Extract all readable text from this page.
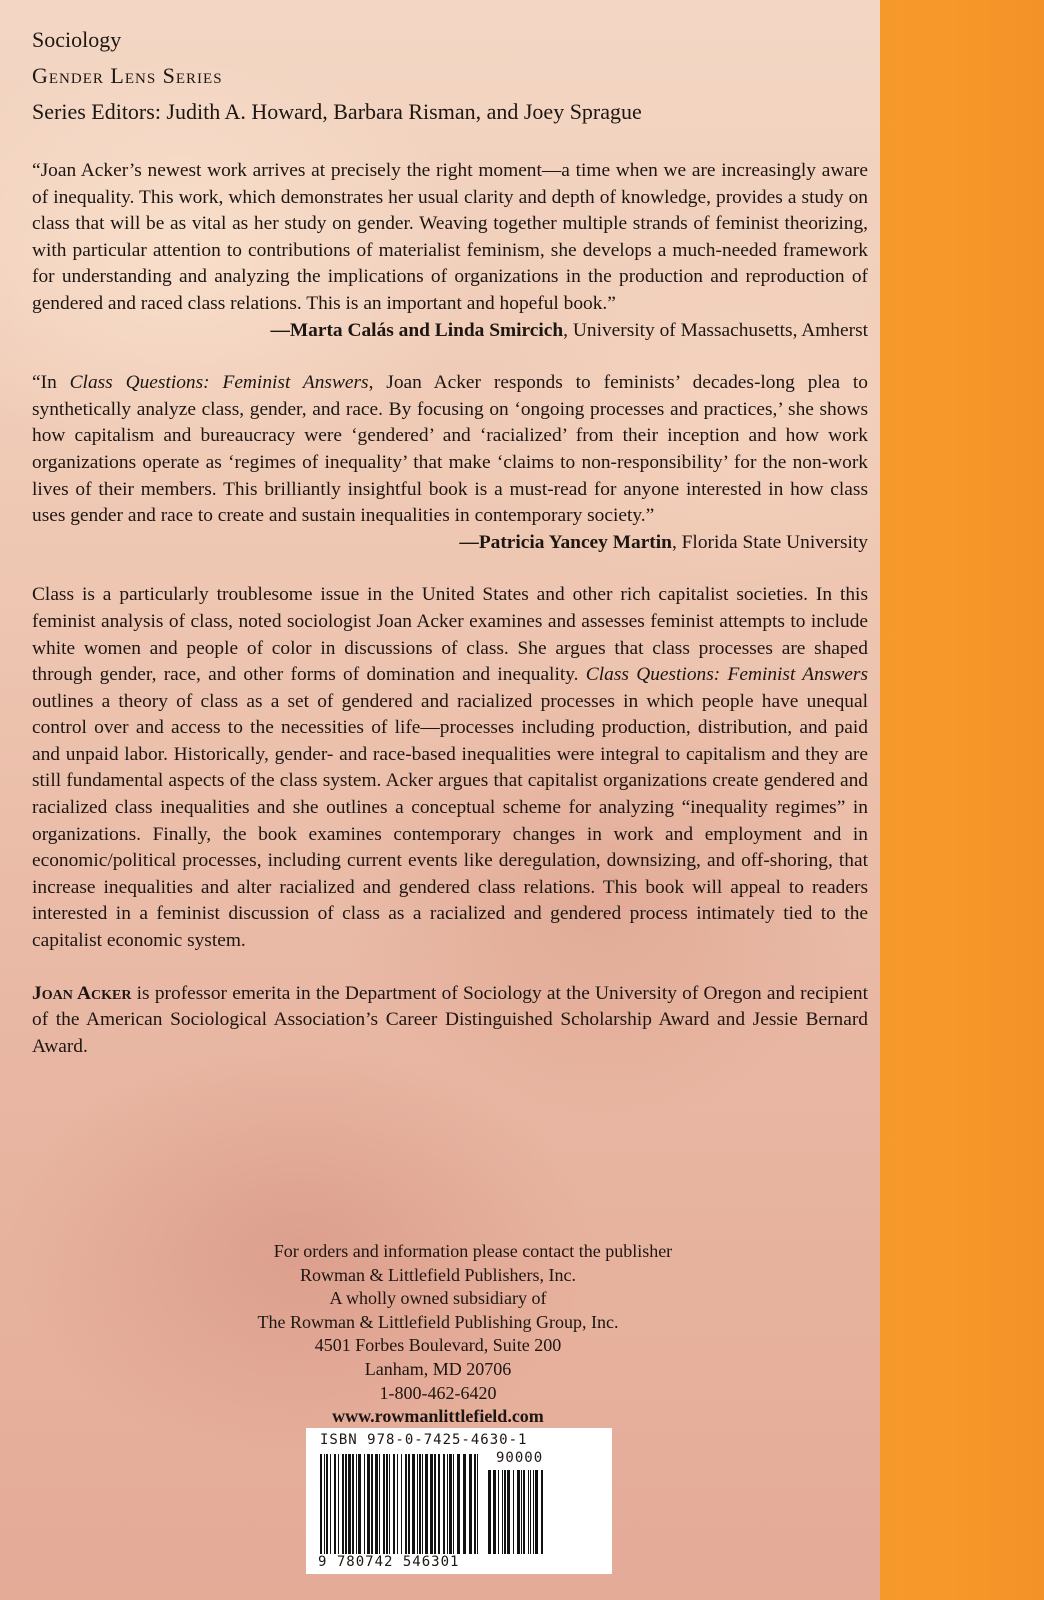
Sociology
Gender Lens Series
Series Editors: Judith A. Howard, Barbara Risman, and Joey Sprague

“Joan Acker’s newest work arrives at precisely the right moment—a time when we are increasingly aware of inequality. This work, which demonstrates her usual clarity and depth of knowledge, provides a study on class that will be as vital as her study on gender. Weaving together multiple strands of feminist theorizing, with particular attention to contributions of materialist feminism, she develops a much-needed framework for understanding and analyzing the implications of organizations in the production and reproduction of gendered and raced class relations. This is an important and hopeful book.”

—Marta Calás and Linda Smircich, University of Massachusetts, Amherst

“In Class Questions: Feminist Answers, Joan Acker responds to feminists’ decades-long plea to synthetically analyze class, gender, and race. By focusing on ‘ongoing processes and practices,’ she shows how capitalism and bureaucracy were ‘gendered’ and ‘racialized’ from their inception and how work organizations operate as ‘regimes of inequality’ that make ‘claims to non-responsibility’ for the non-work lives of their members. This brilliantly insightful book is a must-read for anyone interested in how class uses gender and race to create and sustain inequalities in contemporary society.”

—Patricia Yancey Martin, Florida State University

Class is a particularly troublesome issue in the United States and other rich capitalist societies. In this feminist analysis of class, noted sociologist Joan Acker examines and assesses feminist attempts to include white women and people of color in discussions of class. She argues that class processes are shaped through gender, race, and other forms of domination and inequality. Class Questions: Feminist Answers outlines a theory of class as a set of gendered and racialized processes in which people have unequal control over and access to the necessities of life—processes including production, distribution, and paid and unpaid labor. Historically, gender- and race-based inequalities were integral to capitalism and they are still fundamental aspects of the class system. Acker argues that capitalist organizations create gendered and racialized class inequalities and she outlines a conceptual scheme for analyzing “inequality regimes” in organizations. Finally, the book examines contemporary changes in work and employment and in economic/political processes, including current events like deregulation, downsizing, and off-shoring, that increase inequalities and alter racialized and gendered class relations. This book will appeal to readers interested in a feminist discussion of class as a racialized and gendered process intimately tied to the capitalist economic system.

Joan Acker is professor emerita in the Department of Sociology at the University of Oregon and recipient of the American Sociological Association’s Career Distinguished Scholarship Award and Jessie Bernard Award.

For orders and information please contact the publisher
Rowman & Littlefield Publishers, Inc.
A wholly owned subsidiary of
The Rowman & Littlefield Publishing Group, Inc.
4501 Forbes Boulevard, Suite 200
Lanham, MD 20706
1-800-462-6420
www.rowmanlittlefield.com
ISBN 978-0-7425-4630-1
90000
9 780742 546301
